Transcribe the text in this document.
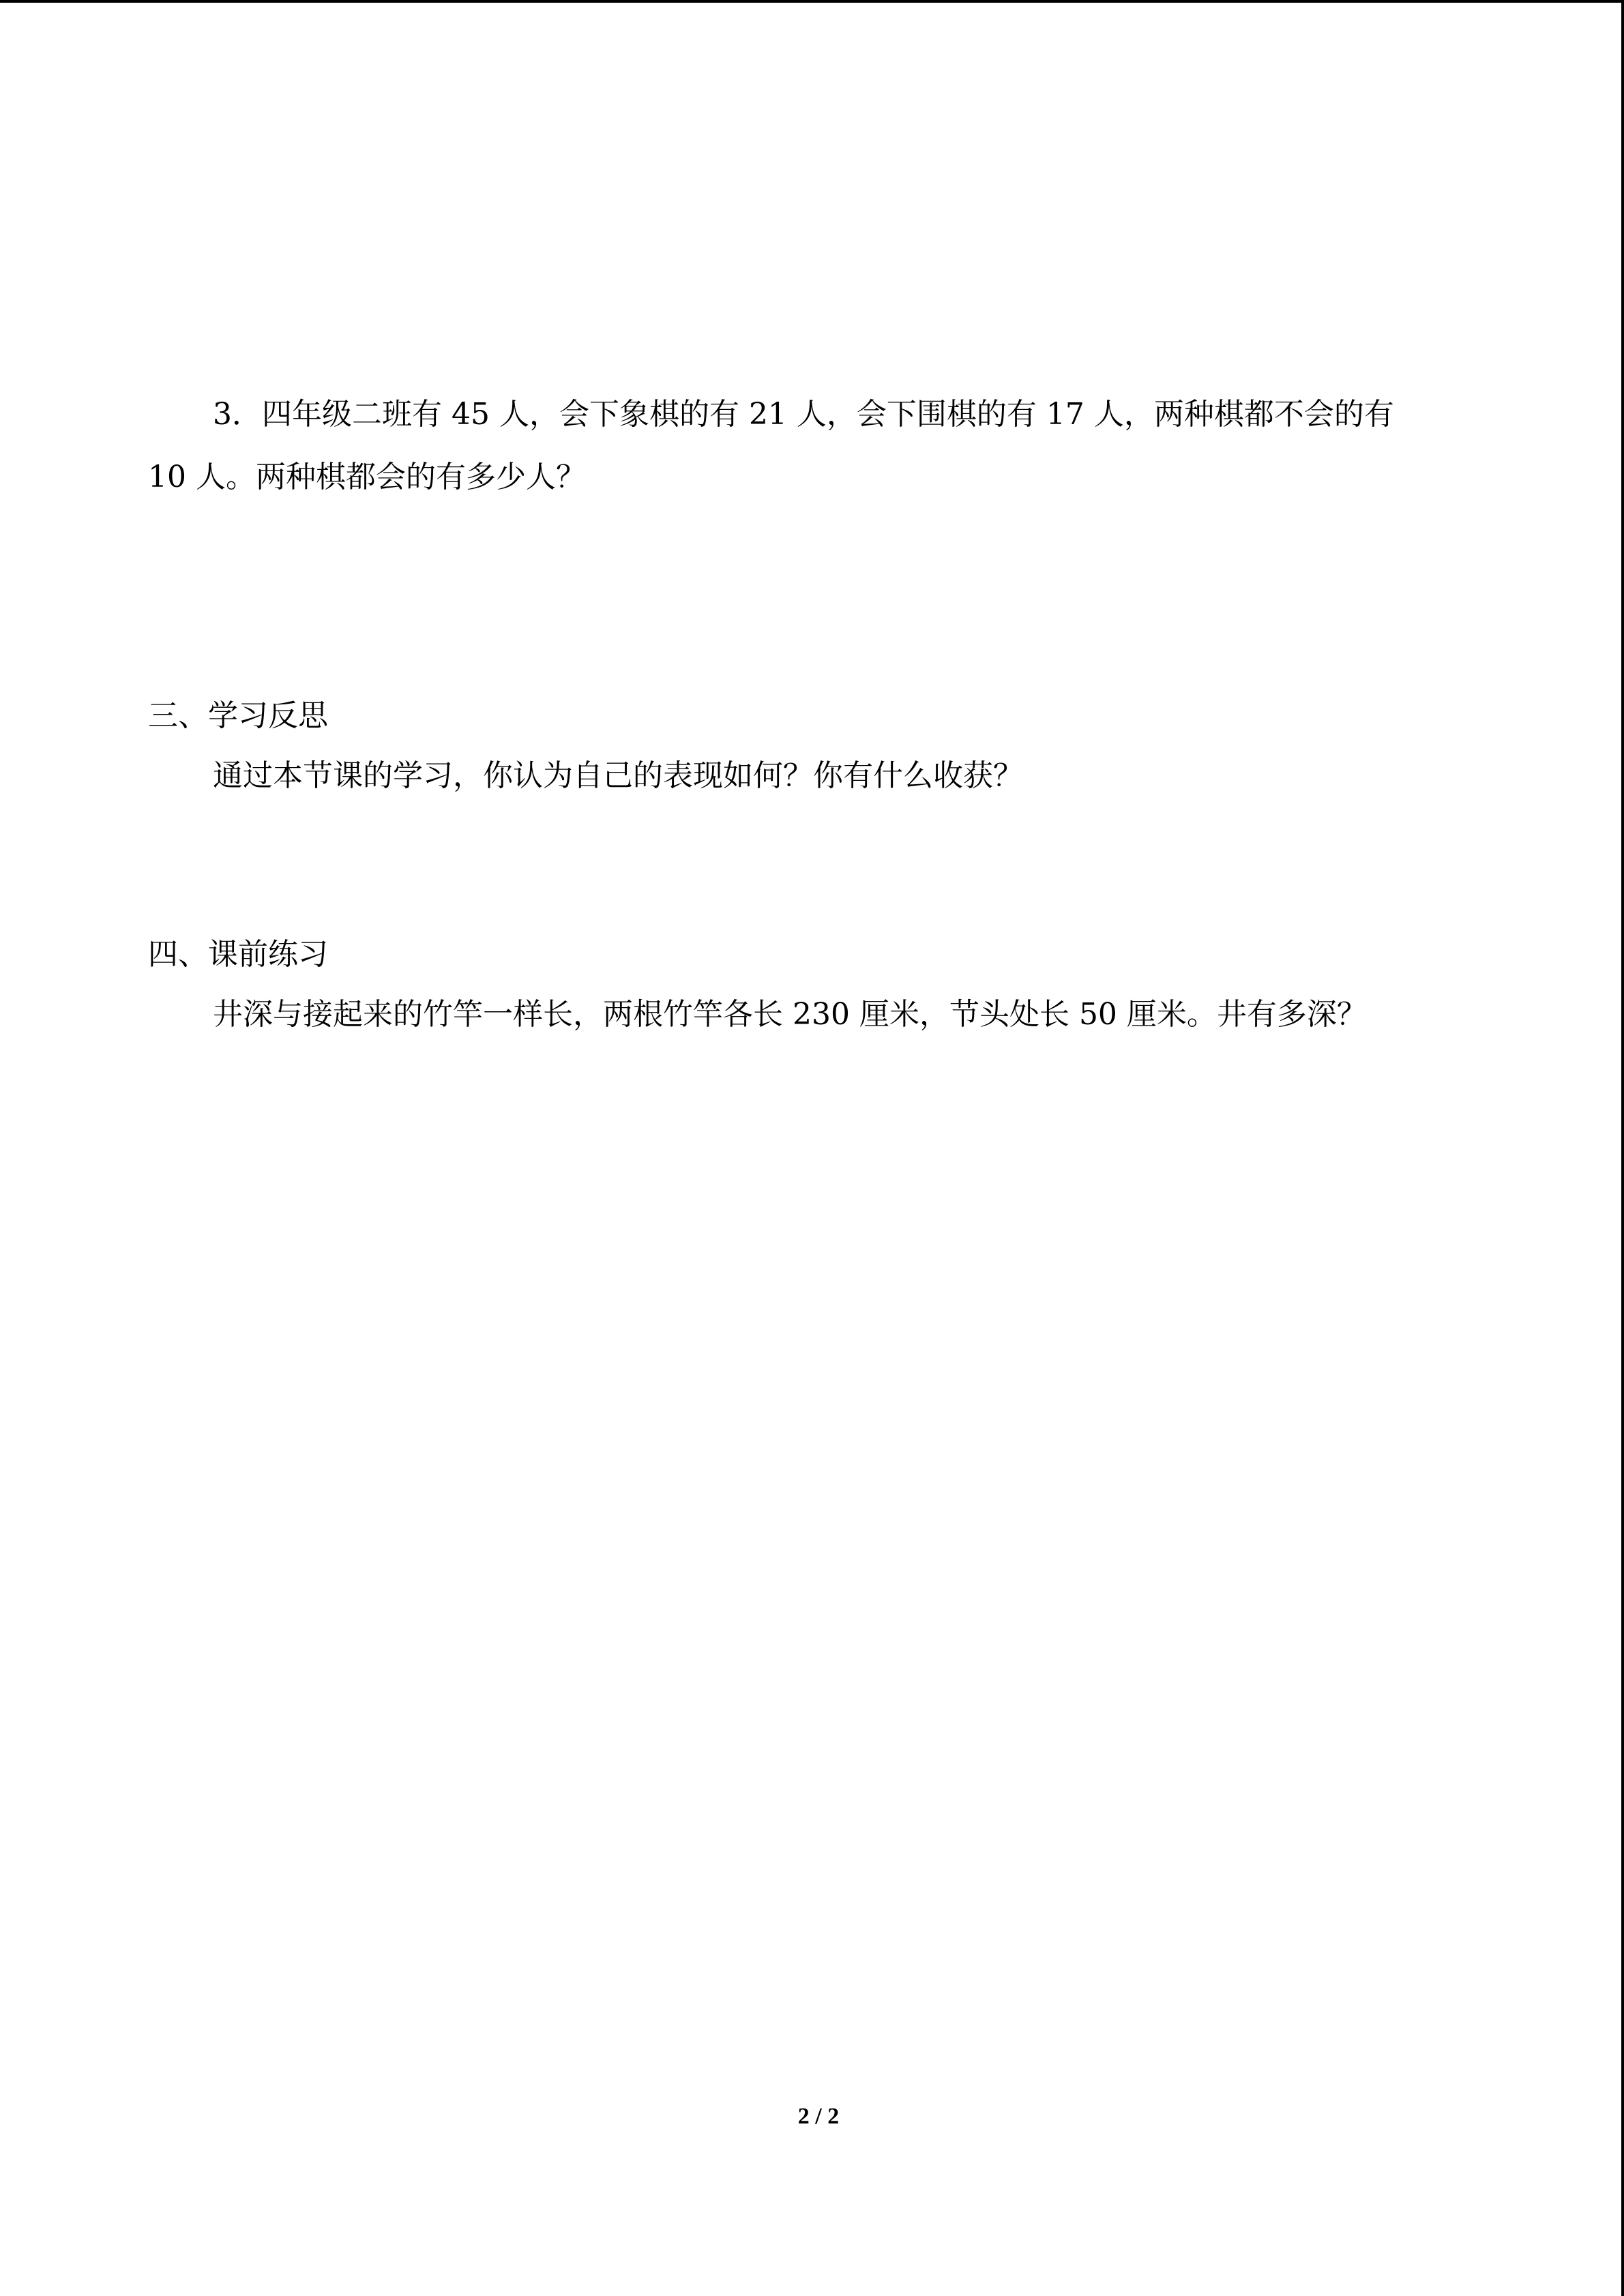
3．四年级二班有 45 人，会下象棋的有 21 人，会下围棋的有 17 人，两种棋都不会的有
10 人。两种棋都会的有多少人？
三、学习反思
通过本节课的学习，你认为自己的表现如何？你有什么收获？
四、课前练习
井深与接起来的竹竿一样长，两根竹竿各长 230 厘米，节头处长 50 厘米。井有多深？
2 / 2
